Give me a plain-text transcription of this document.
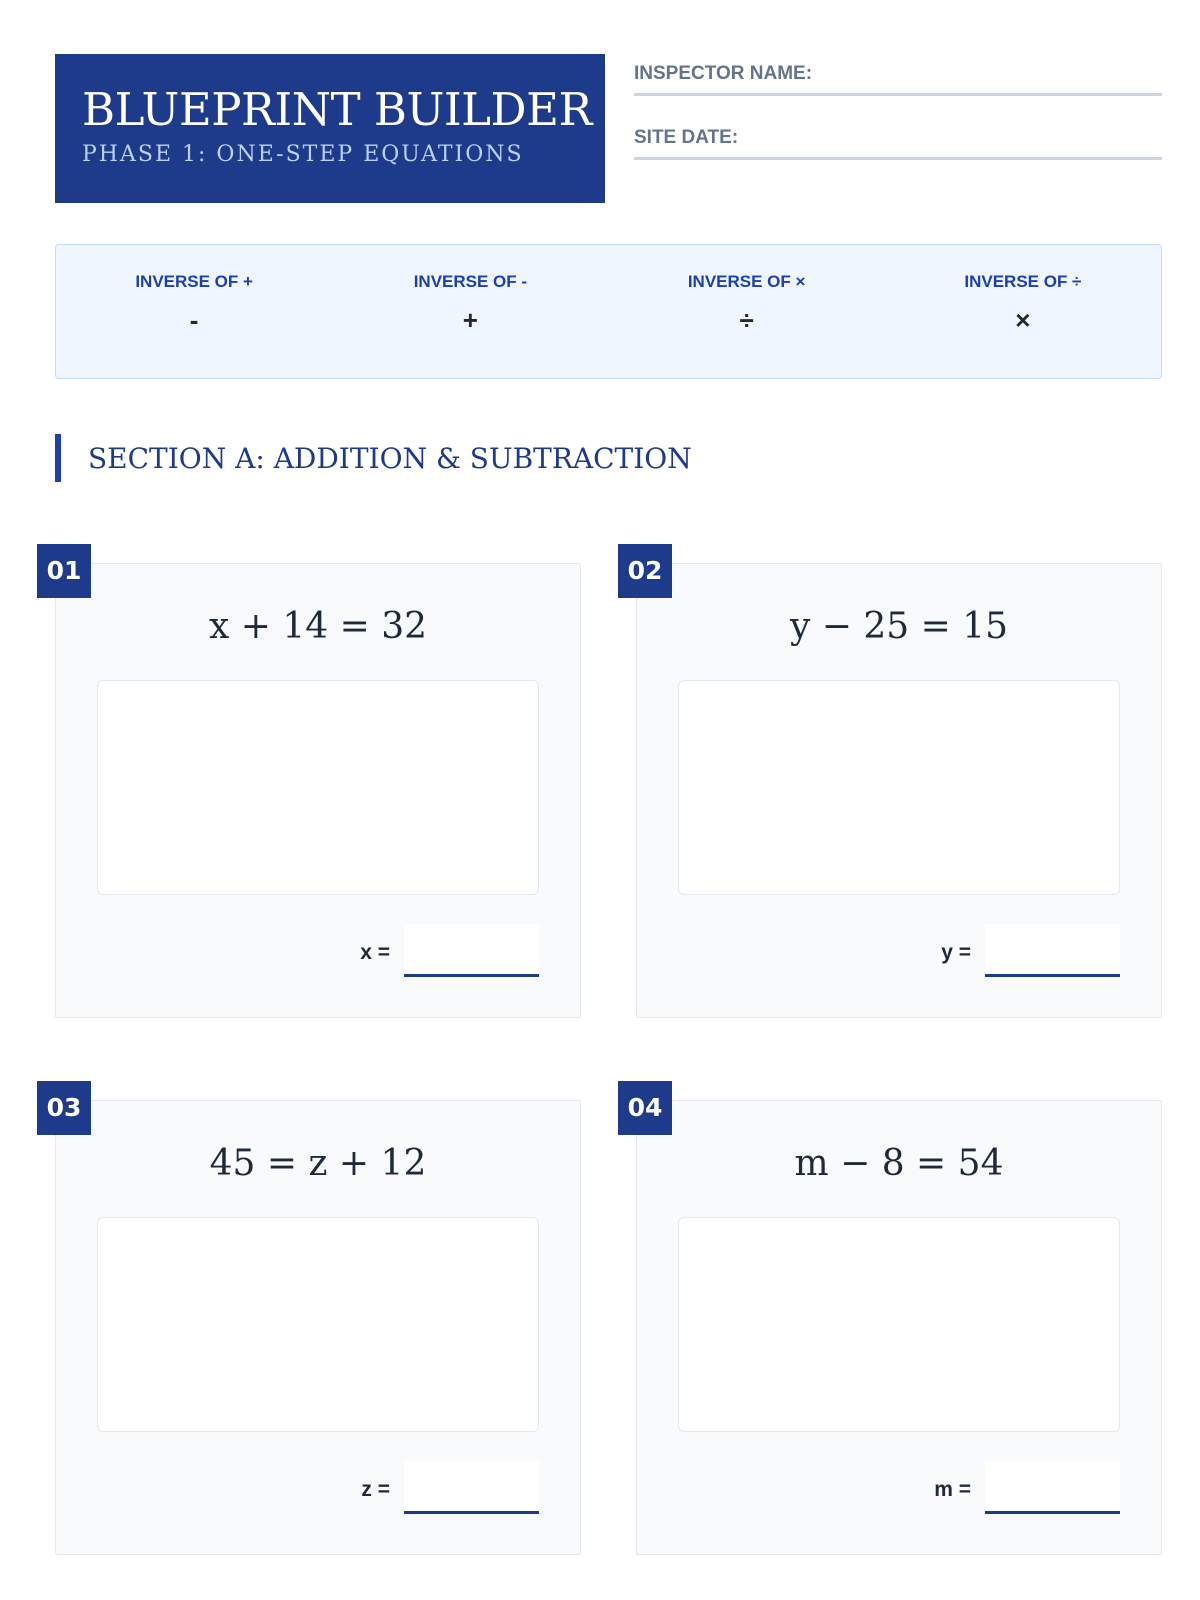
BLUEPRINT BUILDER
PHASE 1: ONE-STEP EQUATIONS
INSPECTOR NAME:
SITE DATE:
INVERSE OF +
-
INVERSE OF -
+
INVERSE OF ×
÷
INVERSE OF ÷
×
SECTION A: ADDITION & SUBTRACTION
01
x + 14 = 32
x =
02
y − 25 = 15
y =
03
45 = z + 12
z =
04
m − 8 = 54
m =
